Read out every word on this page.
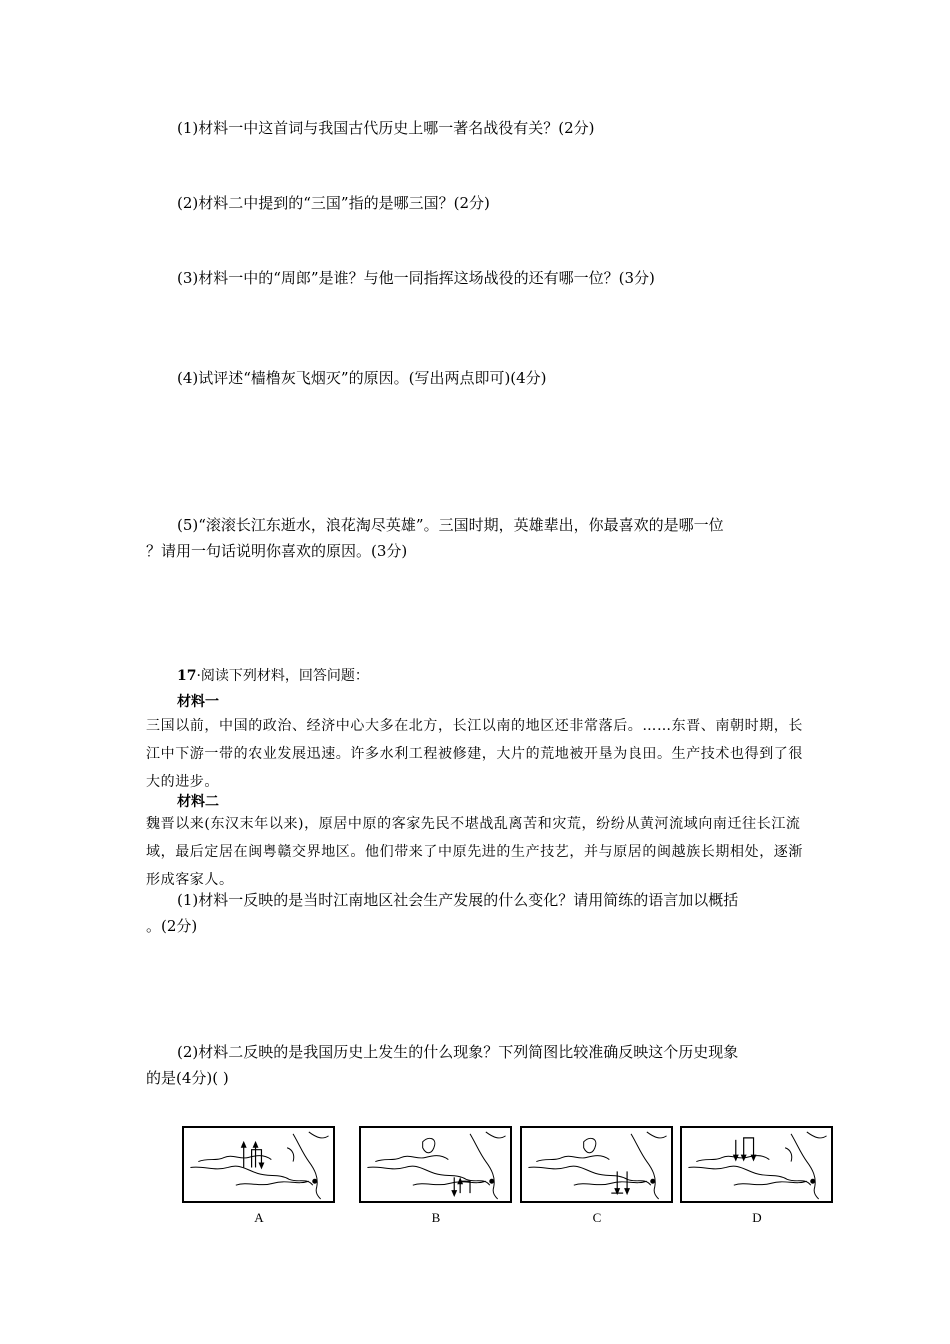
(1)材料一中这首词与我国古代历史上哪一著名战役有关？(2分)
(2)材料二中提到的“三国”指的是哪三国？(2分)
(3)材料一中的“周郎”是谁？与他一同指挥这场战役的还有哪一位？(3分)
(4)试评述“樯橹灰飞烟灭”的原因。(写出两点即可)(4分)
(5)“滚滚长江东逝水，浪花淘尽英雄”。三国时期，英雄辈出，你最喜欢的是哪一位
？请用一句话说明你喜欢的原因。(3分)
17·阅读下列材料，回答问题：
材料一
三国以前，中国的政治、经济中心大多在北方，长江以南的地区还非常落后。……东晋、南朝时期，长江中下游一带的农业发展迅速。许多水利工程被修建，大片的荒地被开垦为良田。生产技术也得到了很大的进步。
材料二
魏晋以来(东汉末年以来)，原居中原的客家先民不堪战乱离苦和灾荒，纷纷从黄河流域向南迁往长江流域，最后定居在闽粤赣交界地区。他们带来了中原先进的生产技艺，并与原居的闽越族长期相处，逐渐形成客家人。
(1)材料一反映的是当时江南地区社会生产发展的什么变化？请用简练的语言加以概括
。(2分)
(2)材料二反映的是我国历史上发生的什么现象？下列简图比较准确反映这个历史现象
的是(4分)( )
A	B	C	D
